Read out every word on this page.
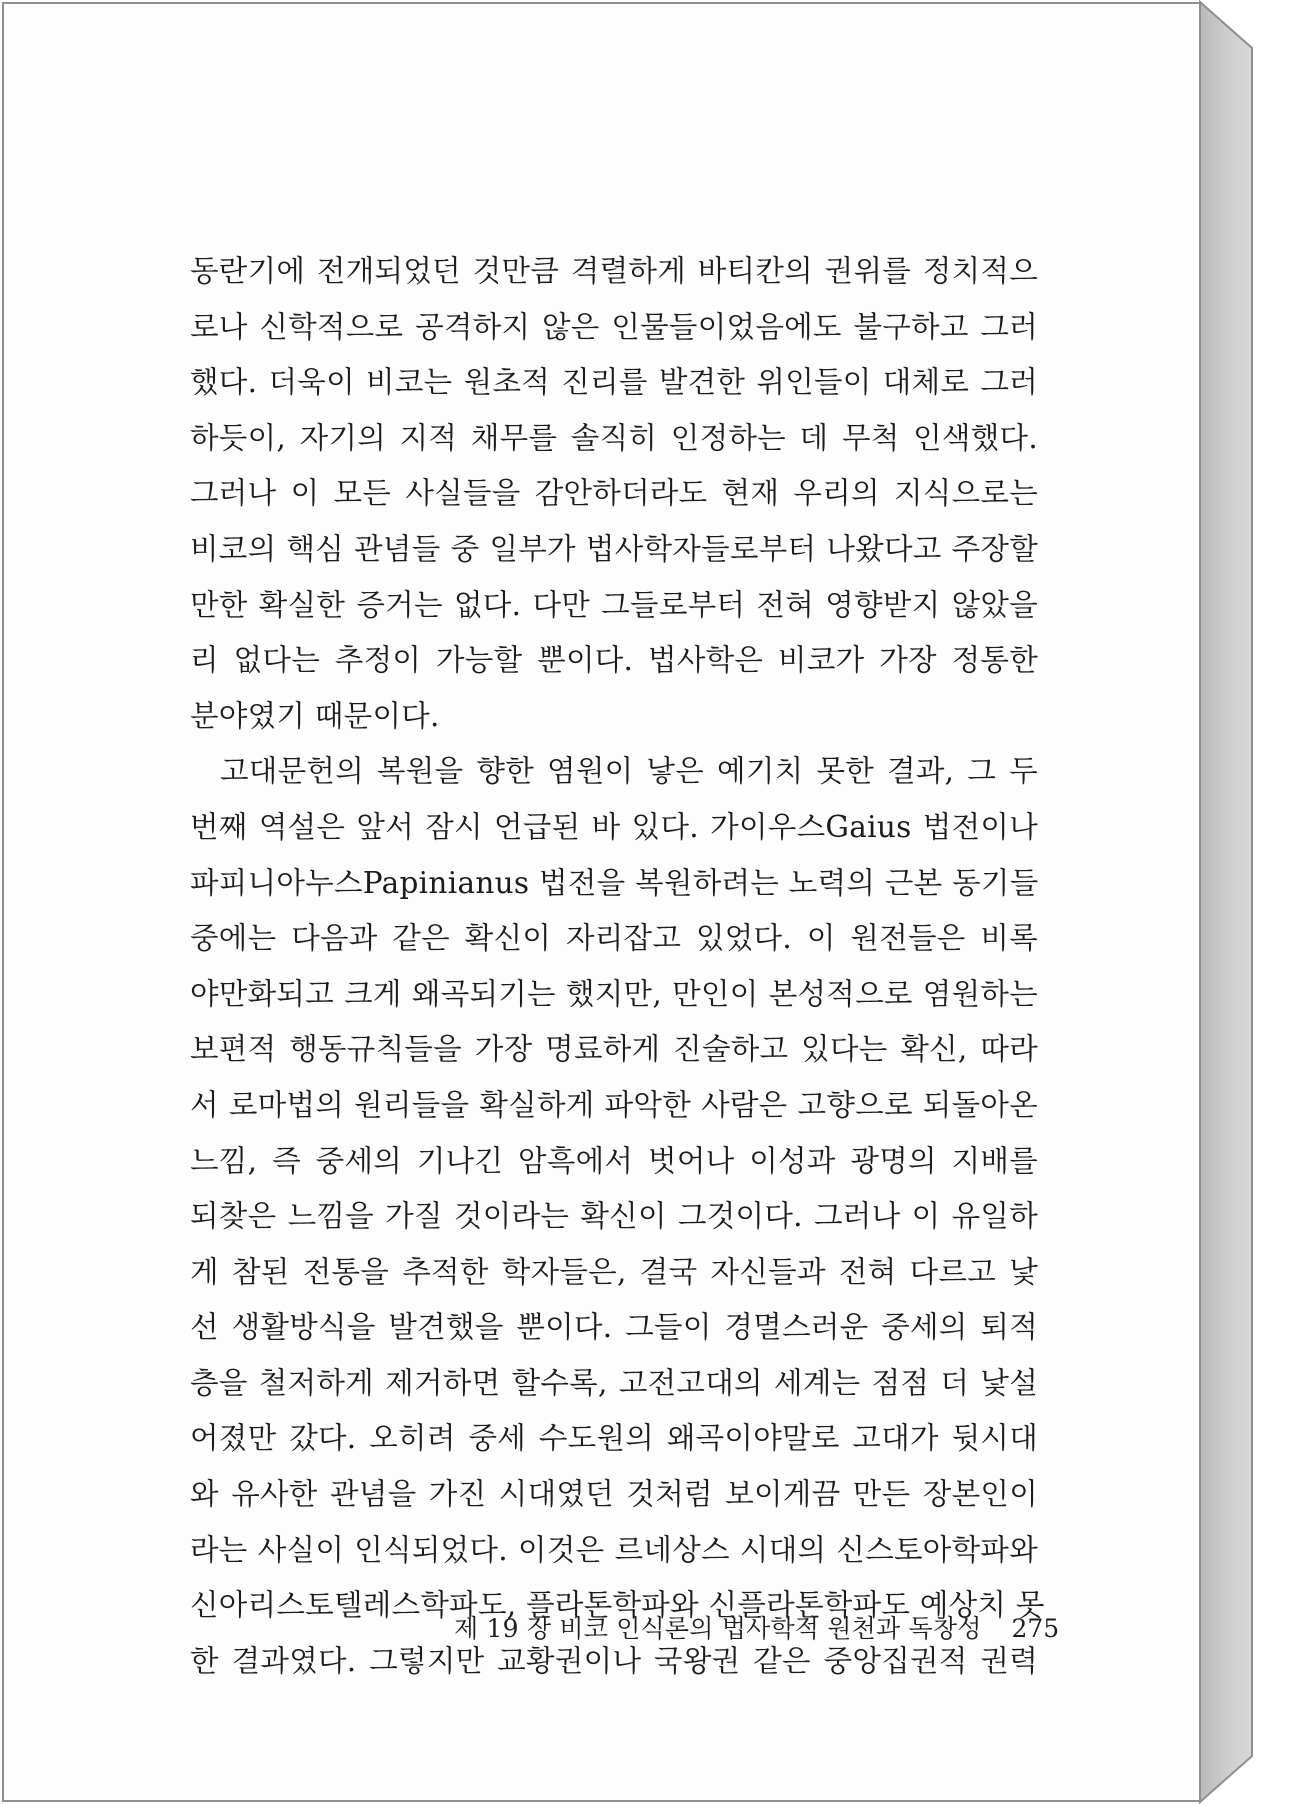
동란기에 전개되었던 것만큼 격렬하게 바티칸의 권위를 정치적으
로나 신학적으로 공격하지 않은 인물들이었음에도 불구하고 그러
했다. 더욱이 비코는 원초적 진리를 발견한 위인들이 대체로 그러
하듯이, 자기의 지적 채무를 솔직히 인정하는 데 무척 인색했다.
그러나 이 모든 사실들을 감안하더라도 현재 우리의 지식으로는
비코의 핵심 관념들 중 일부가 법사학자들로부터 나왔다고 주장할
만한 확실한 증거는 없다. 다만 그들로부터 전혀 영향받지 않았을
리 없다는 추정이 가능할 뿐이다. 법사학은 비코가 가장 정통한
분야였기 때문이다.
고대문헌의 복원을 향한 염원이 낳은 예기치 못한 결과, 그 두
번째 역설은 앞서 잠시 언급된 바 있다. 가이우스Gaius 법전이나
파피니아누스Papinianus 법전을 복원하려는 노력의 근본 동기들
중에는 다음과 같은 확신이 자리잡고 있었다. 이 원전들은 비록
야만화되고 크게 왜곡되기는 했지만, 만인이 본성적으로 염원하는
보편적 행동규칙들을 가장 명료하게 진술하고 있다는 확신, 따라
서 로마법의 원리들을 확실하게 파악한 사람은 고향으로 되돌아온
느낌, 즉 중세의 기나긴 암흑에서 벗어나 이성과 광명의 지배를
되찾은 느낌을 가질 것이라는 확신이 그것이다. 그러나 이 유일하
게 참된 전통을 추적한 학자들은, 결국 자신들과 전혀 다르고 낯
선 생활방식을 발견했을 뿐이다. 그들이 경멸스러운 중세의 퇴적
층을 철저하게 제거하면 할수록, 고전고대의 세계는 점점 더 낯설
어졌만 갔다. 오히려 중세 수도원의 왜곡이야말로 고대가 뒷시대
와 유사한 관념을 가진 시대였던 것처럼 보이게끔 만든 장본인이
라는 사실이 인식되었다. 이것은 르네상스 시대의 신스토아학파와
신아리스토텔레스학파도, 플라톤학파와 신플라톤학파도 예상치 못
한 결과였다. 그렇지만 교황권이나 국왕권 같은 중앙집권적 권력
제 19 장 비코 인식론의 법사학적 원천과 독창성 275
